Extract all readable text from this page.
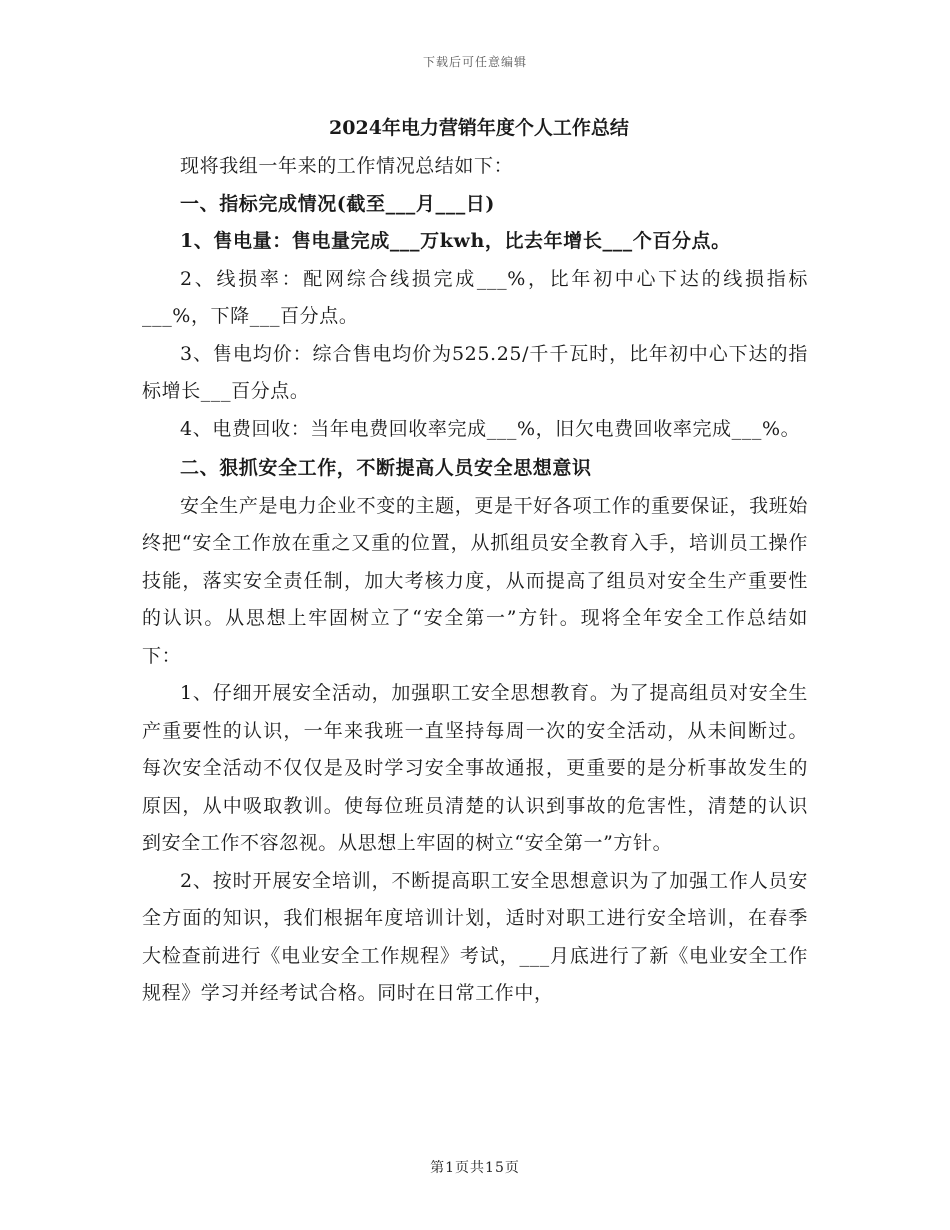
下载后可任意编辑
2024年电力营销年度个人工作总结

现将我组一年来的工作情况总结如下：

一、指标完成情况(截至___月___日)

1、售电量：售电量完成___万kwh，比去年增长___个百分点。

2、线损率：配网综合线损完成___%，比年初中心下达的线损指标___%，下降___百分点。

3、售电均价：综合售电均价为525.25/千千瓦时，比年初中心下达的指标增长___百分点。

4、电费回收：当年电费回收率完成___%，旧欠电费回收率完成___%。

二、狠抓安全工作，不断提高人员安全思想意识

安全生产是电力企业不变的主题，更是干好各项工作的重要保证，我班始终把“安全工作放在重之又重的位置，从抓组员安全教育入手，培训员工操作技能，落实安全责任制，加大考核力度，从而提高了组员对安全生产重要性的认识。从思想上牢固树立了“安全第一”方针。现将全年安全工作总结如下：

1、仔细开展安全活动，加强职工安全思想教育。为了提高组员对安全生产重要性的认识，一年来我班一直坚持每周一次的安全活动，从未间断过。每次安全活动不仅仅是及时学习安全事故通报，更重要的是分析事故发生的原因，从中吸取教训。使每位班员清楚的认识到事故的危害性，清楚的认识到安全工作不容忽视。从思想上牢固的树立“安全第一”方针。

2、按时开展安全培训，不断提高职工安全思想意识为了加强工作人员安全方面的知识，我们根据年度培训计划，适时对职工进行安全培训，在春季大检查前进行《电业安全工作规程》考试，___月底进行了新《电业安全工作规程》学习并经考试合格。同时在日常工作中，

第1页共15页
